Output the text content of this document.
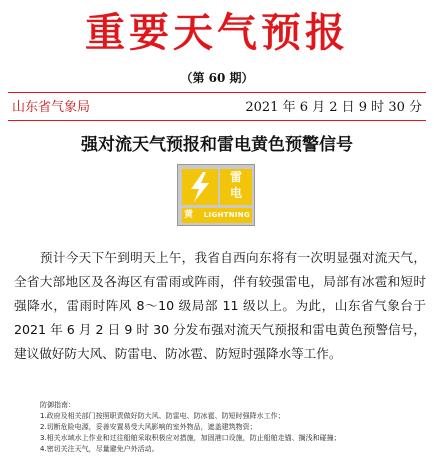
重要天气预报
（第 60 期）
山东省气象局	2021 年 6 月 2 日 9 时 30 分
强对流天气预报和雷电黄色预警信号
雷
电
黄 LIGHTNING

预计今天下午到明天上午，我省自西向东将有一次明显强对流天气，全省大部地区及各海区有雷雨或阵雨，伴有较强雷电，局部有冰雹和短时强降水，雷雨时阵风 8～10 级局部 11 级以上。为此，山东省气象台于 2021 年 6 月 2 日 9 时 30 分发布强对流天气预报和雷电黄色预警信号，建议做好防大风、防雷电、防冰雹、防短时强降水等工作。

防御指南：
1.政府及相关部门按照职责做好防大风、防雷电、防冰雹、防短时强降水工作；
2.切断危险电源，妥善安置易受大风影响的室外物品，遮盖建筑物资；
3.相关水域水上作业和过往船舶采取积极应对措施，加固港口设施，防止船舶走锚、搁浅和碰撞；
4.密切关注天气，尽量避免户外活动。
